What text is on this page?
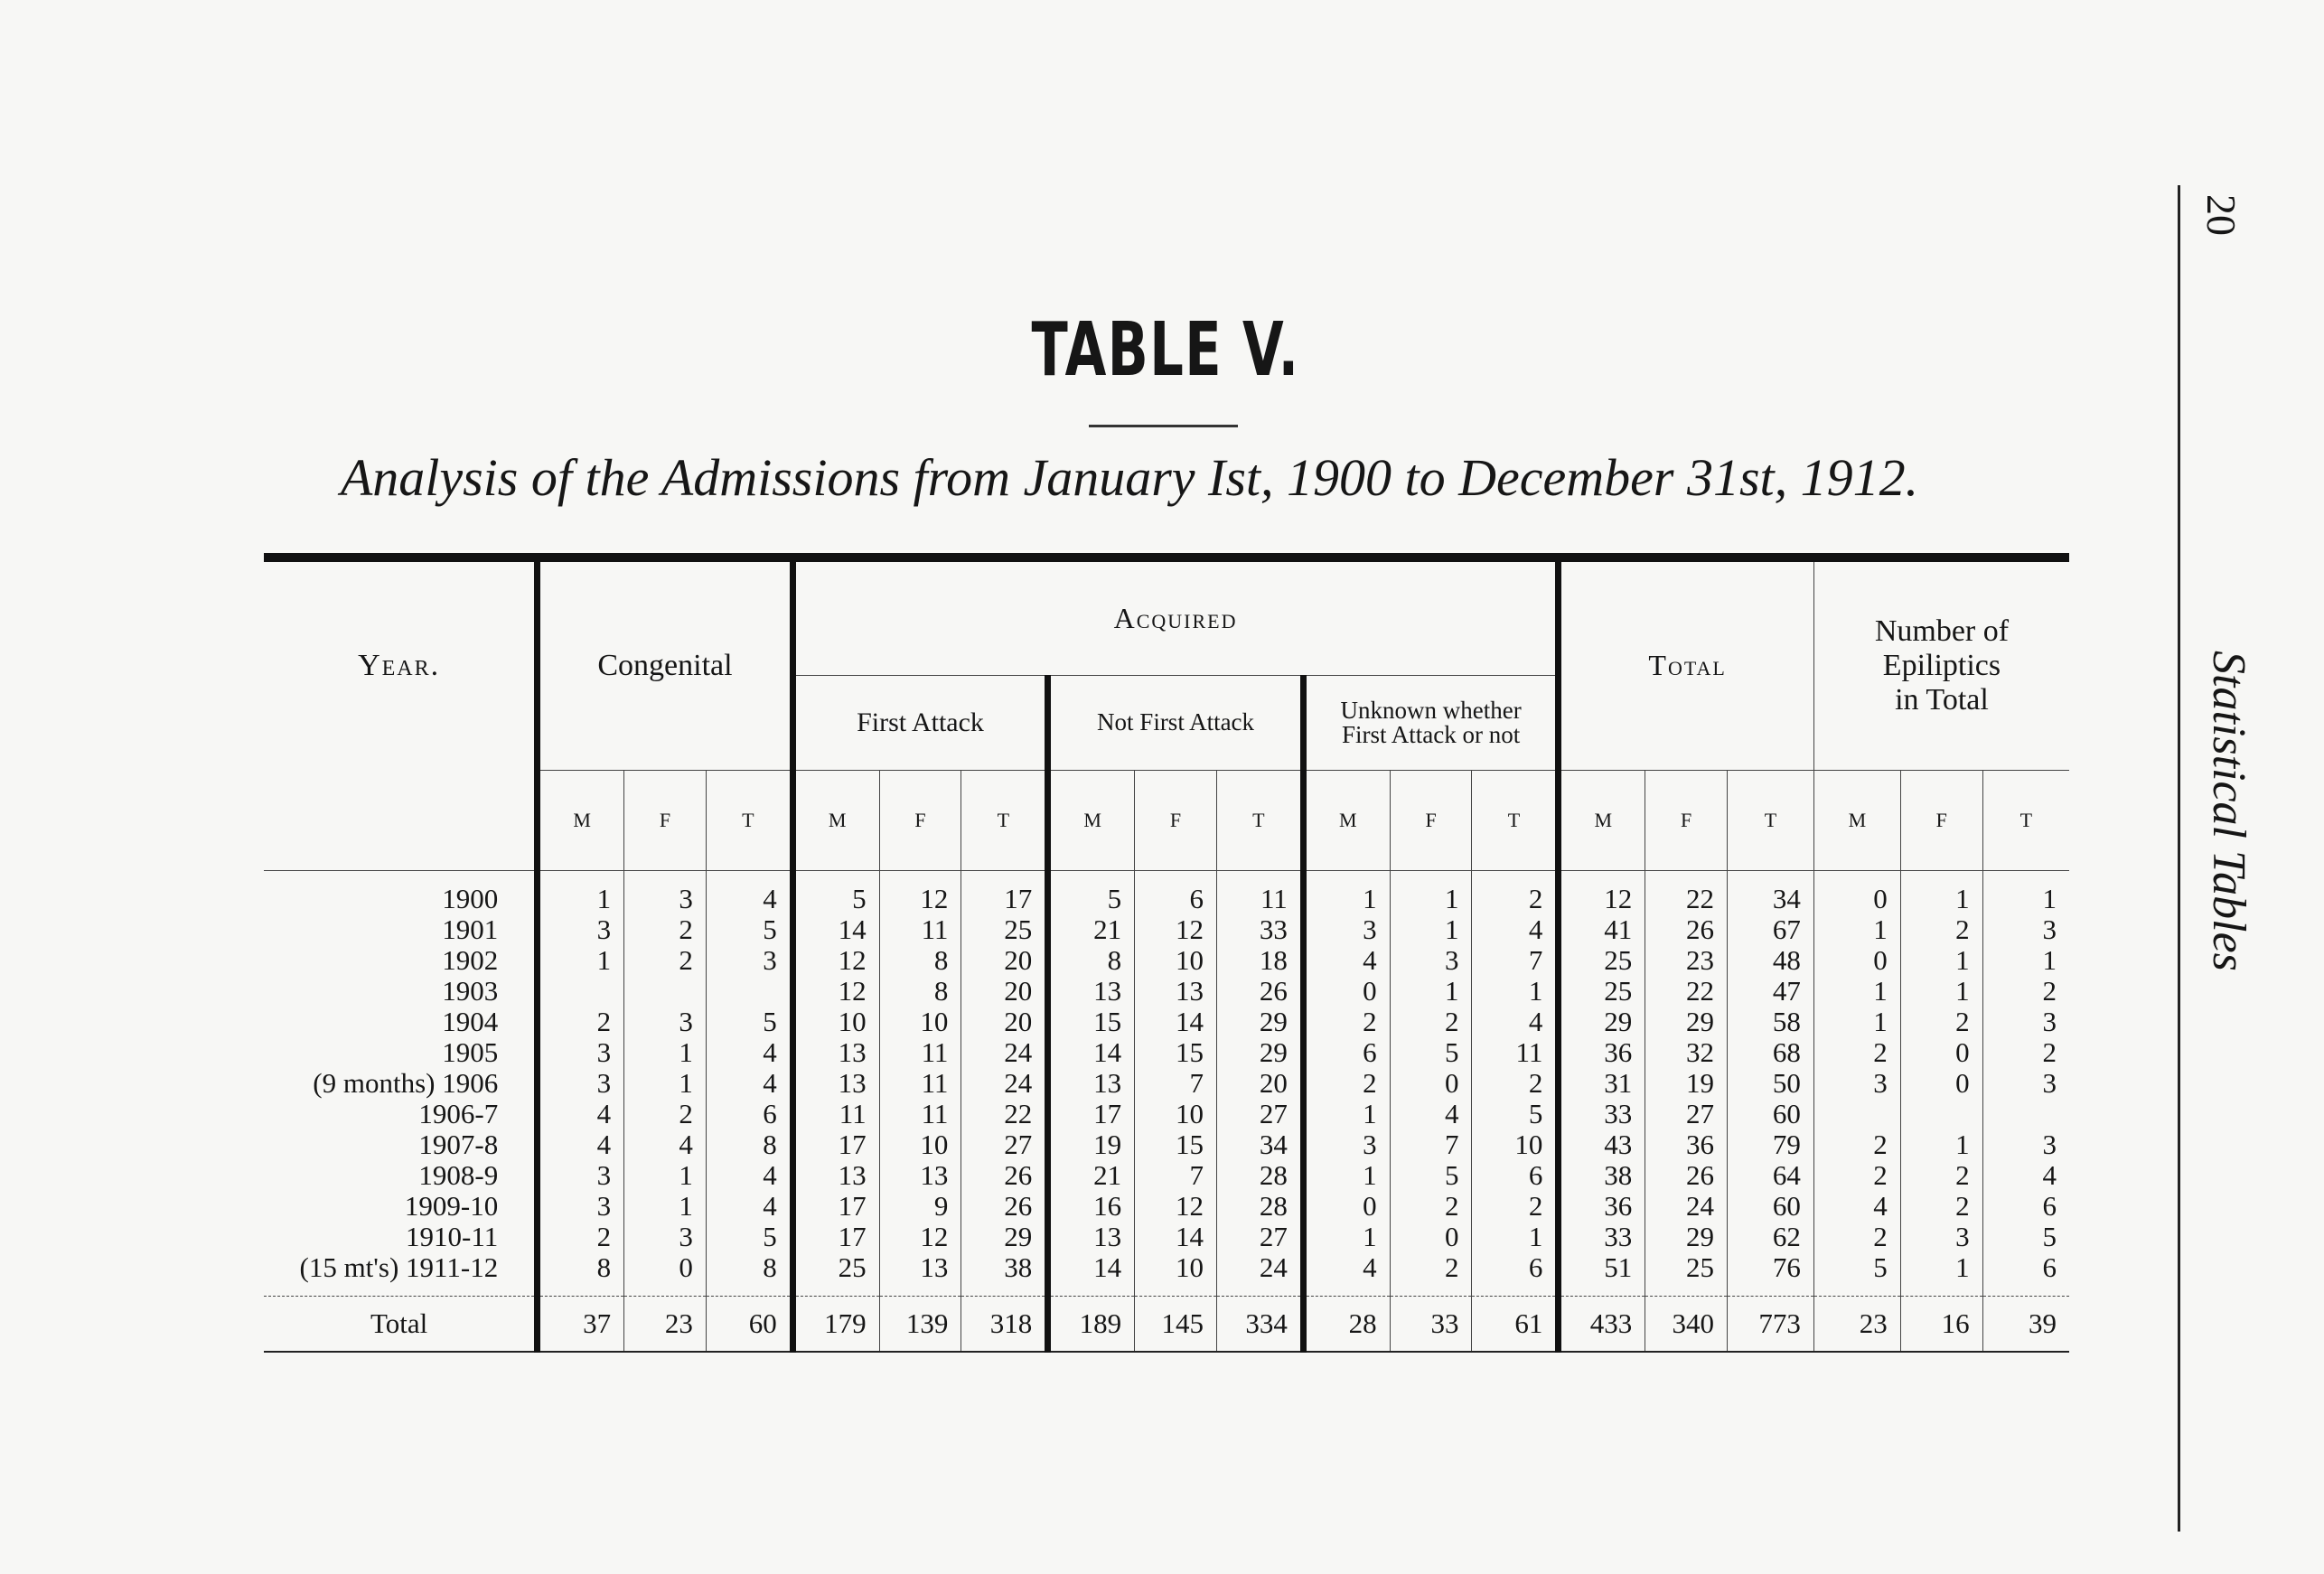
TABLE V.
Analysis of the Admissions from January Ist, 1900 to December 31st, 1912.
20
Statistical Tables
Year.	Congenital			Acquired									Total			Number of
Epiliptics
in Total		

				First Attack			Not First Attack			Unknown whether
First Attack or not								

	M	F	T	M	F	T	M	F	T	M	F	T	M	F	T	M	F	T
1900	1	3	4	5	12	17	5	6	11	1	1	2	12	22	34	0	1	1
1901	3	2	5	14	11	25	21	12	33	3	1	4	41	26	67	1	2	3
1902	1	2	3	12	8	20	8	10	18	4	3	7	25	23	48	0	1	1
1903				12	8	20	13	13	26	0	1	1	25	22	47	1	1	2
1904	2	3	5	10	10	20	15	14	29	2	2	4	29	29	58	1	2	3
1905	3	1	4	13	11	24	14	15	29	6	5	11	36	32	68	2	0	2
(9 months) 1906	3	1	4	13	11	24	13	7	20	2	0	2	31	19	50	3	0	3
1906-7	4	2	6	11	11	22	17	10	27	1	4	5	33	27	60			
1907-8	4	4	8	17	10	27	19	15	34	3	7	10	43	36	79	2	1	3
1908-9	3	1	4	13	13	26	21	7	28	1	5	6	38	26	64	2	2	4
1909-10	3	1	4	17	9	26	16	12	28	0	2	2	36	24	60	4	2	6
1910-11	2	3	5	17	12	29	13	14	27	1	0	1	33	29	62	2	3	5
(15 mt's) 1911-12	8	0	8	25	13	38	14	10	24	4	2	6	51	25	76	5	1	6
Total	37	23	60	179	139	318	189	145	334	28	33	61	433	340	773	23	16	39
